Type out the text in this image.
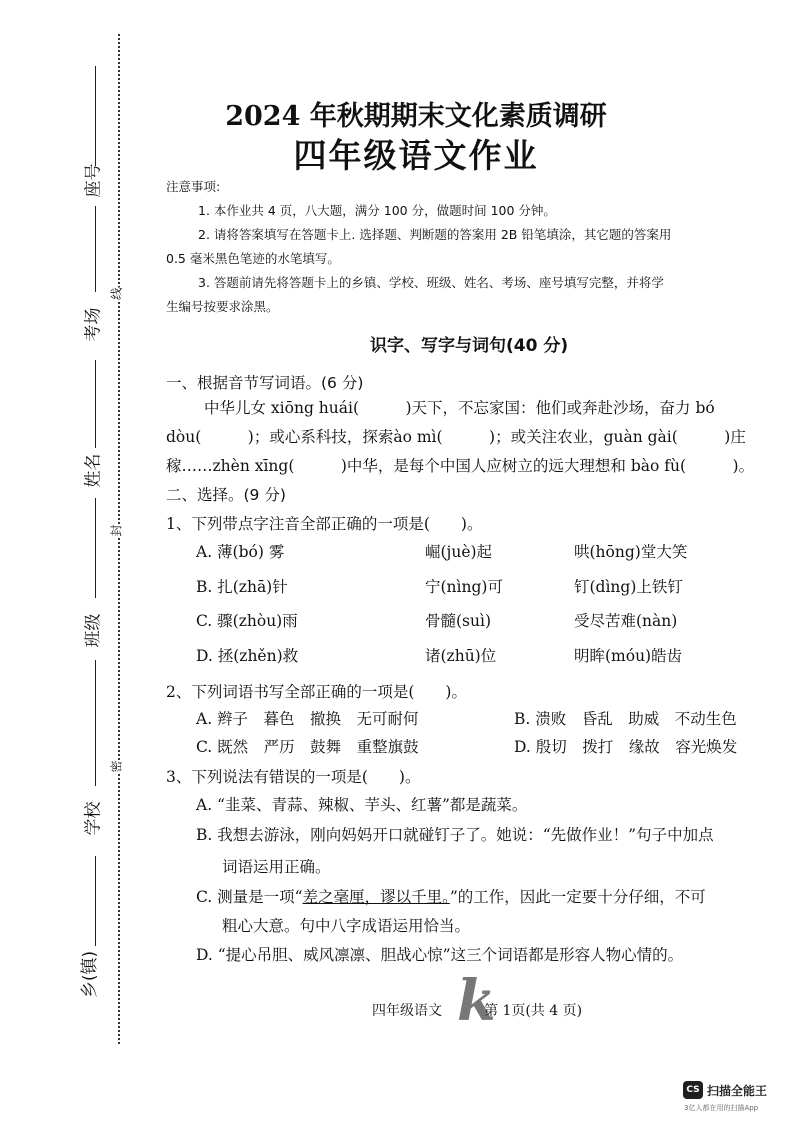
座号
考场
姓名
班级
学校
乡(镇)
线
封
密
2024 年秋期期末文化素质调研
四年级语文作业
注意事项:
1. 本作业共 4 页，八大题，满分 100 分，做题时间 100 分钟。
2. 请将答案填写在答题卡上. 选择题、判断题的答案用 2B 铅笔填涂，其它题的答案用
0.5 毫米黑色笔迹的水笔填写。
3. 答题前请先将答题卡上的乡镇、学校、班级、姓名、考场、座号填写完整，并将学
生编号按要求涂黑。
识字、写字与词句(40 分)
一、根据音节写词语。(6 分)
中华儿女 xiōng huái(　　　)天下，不忘家国：他们或奔赴沙场，奋力 bó
dòu(　　　)；或心系科技，探索ào mì(　　　)；或关注农业，guàn gài(　　　)庄
稼……zhèn xīng(　　　)中华，是每个中国人应树立的远大理想和 bào fù(　　　)。
二、选择。(9 分)
1、下列带点字注音全部正确的一项是(　　)。
A. 薄(bó) 雾	崛(juè)起	哄(hōng)堂大笑
B. 扎(zhā)针	宁(nìng)可	钉(dìng)上铁钉
C. 骤(zhòu)雨	骨髓(suì)	受尽苦难(nàn)
D. 拯(zhěn)救	诸(zhū)位	明眸(móu)皓齿
2、下列词语书写全部正确的一项是(　　)。
A. 辫子　暮色　撤换　无可耐何	B. 溃败　昏乱　助威　不动生色
C. 既然　严历　鼓舞　重整旗鼓	D. 殷切　拨打　缘故　容光焕发
3、下列说法有错误的一项是(　　)。
A. “韭菜、青蒜、辣椒、芋头、红薯”都是蔬菜。
B. 我想去游泳，刚向妈妈开口就碰钉子了。她说：“先做作业！”句子中加点
词语运用正确。
C. 测量是一项“差之毫厘，谬以千里。”的工作，因此一定要十分仔细，不可
粗心大意。句中八字成语运用恰当。
D. “提心吊胆、威风凛凛、胆战心惊”这三个词语都是形容人物心情的。
四年级语文 k
第 1页(共 4 页)
CS 扫描全能王
3亿人都在用的扫描App
